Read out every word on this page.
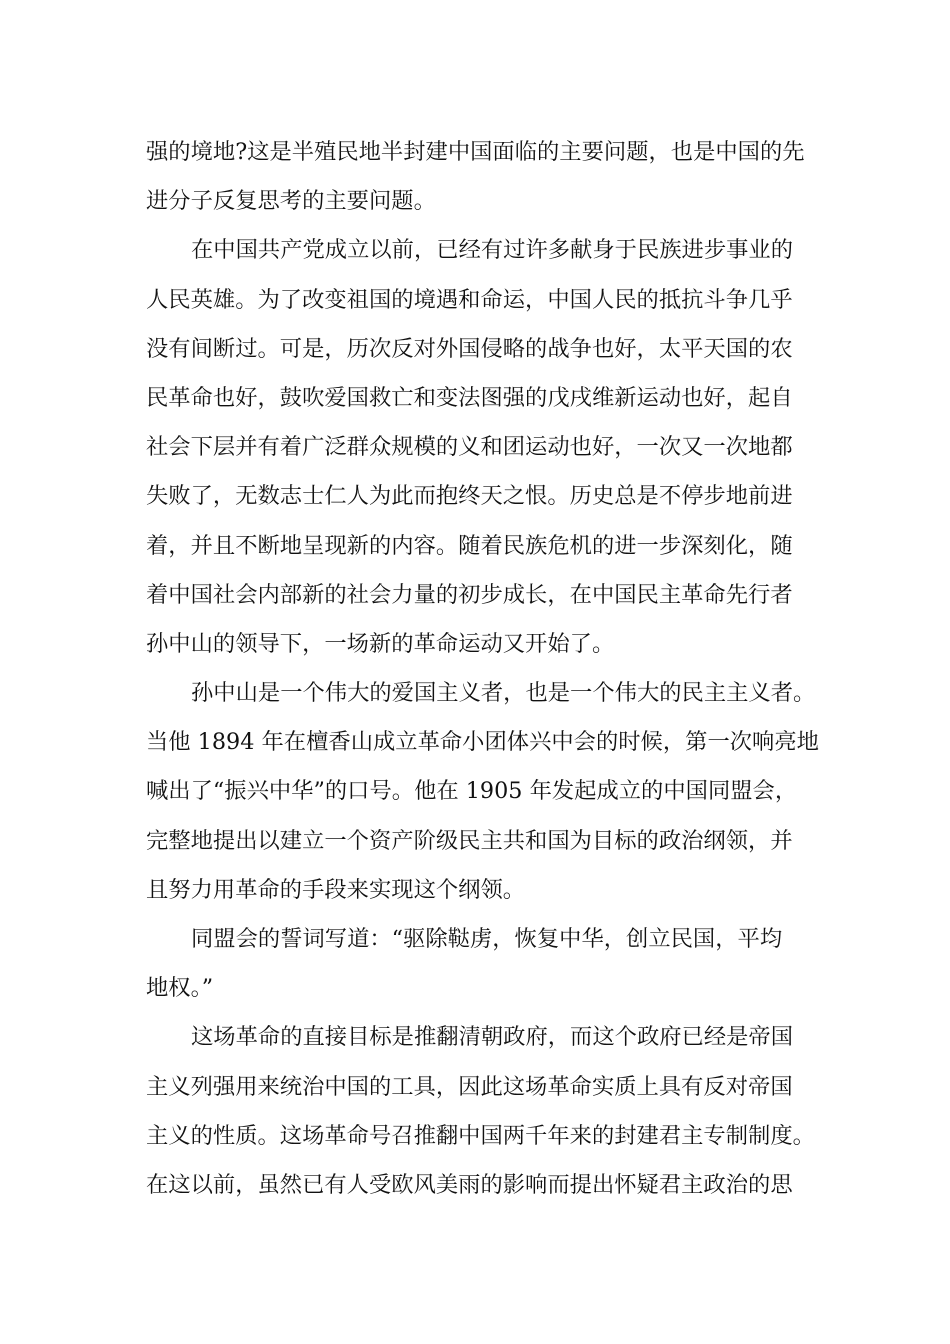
强的境地?这是半殖民地半封建中国面临的主要问题，也是中国的先
进分子反复思考的主要问题。
在中国共产党成立以前，已经有过许多献身于民族进步事业的
人民英雄。为了改变祖国的境遇和命运，中国人民的抵抗斗争几乎
没有间断过。可是，历次反对外国侵略的战争也好，太平天国的农
民革命也好，鼓吹爱国救亡和变法图强的戊戌维新运动也好，起自
社会下层并有着广泛群众规模的义和团运动也好，一次又一次地都
失败了，无数志士仁人为此而抱终天之恨。历史总是不停步地前进
着，并且不断地呈现新的内容。随着民族危机的进一步深刻化，随
着中国社会内部新的社会力量的初步成长，在中国民主革命先行者
孙中山的领导下，一场新的革命运动又开始了。
孙中山是一个伟大的爱国主义者，也是一个伟大的民主主义者。
当他 1894 年在檀香山成立革命小团体兴中会的时候，第一次响亮地
喊出了“振兴中华”的口号。他在 1905 年发起成立的中国同盟会，
完整地提出以建立一个资产阶级民主共和国为目标的政治纲领，并
且努力用革命的手段来实现这个纲领。
同盟会的誓词写道：“驱除鞑虏，恢复中华，创立民国，平均
地权。”
这场革命的直接目标是推翻清朝政府，而这个政府已经是帝国
主义列强用来统治中国的工具，因此这场革命实质上具有反对帝国
主义的性质。这场革命号召推翻中国两千年来的封建君主专制制度。
在这以前，虽然已有人受欧风美雨的影响而提出怀疑君主政治的思
